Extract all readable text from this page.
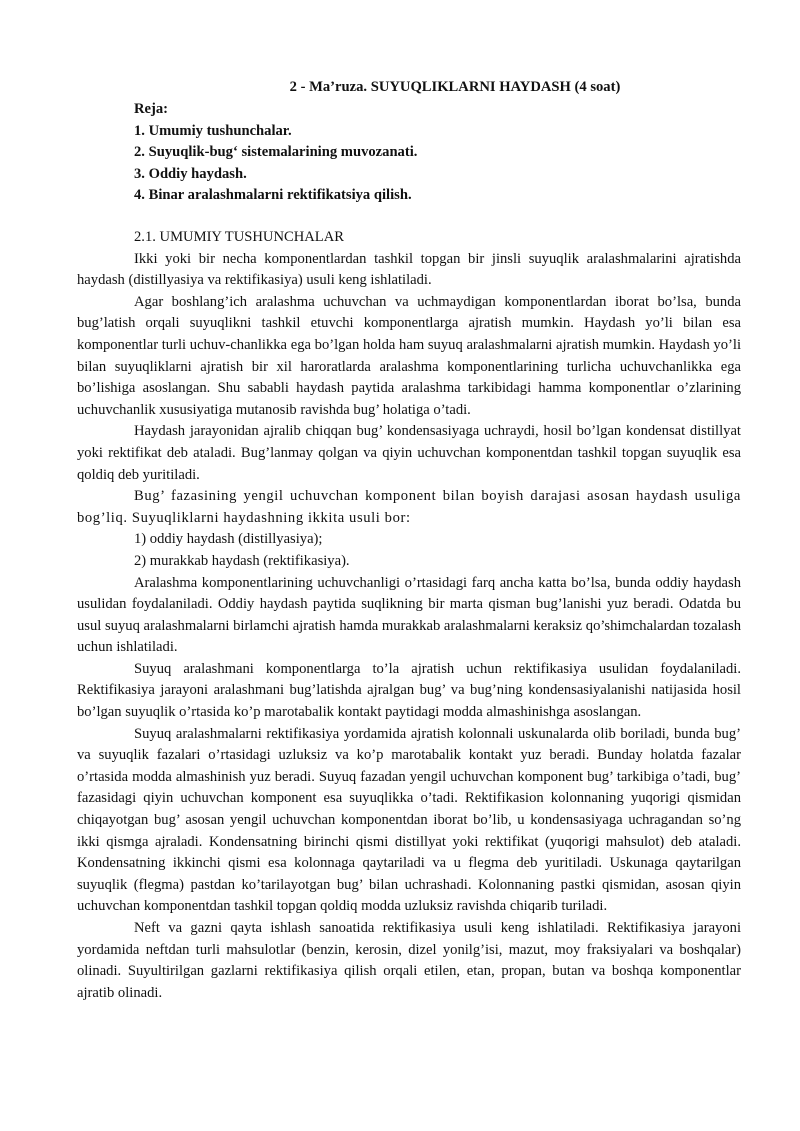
2 - Ma’ruza. SUYUQLIKLARNI HAYDASH (4 soat)
Reja:
1. Umumiy tushunchalar.
2. Suyuqlik-bug‘ sistemalarining muvozanati.
3. Oddiy haydash.
4. Binar aralashmalarni rektifikatsiya qilish.
2.1. UMUMIY TUSHUNCHALAR

Ikki yoki bir necha komponentlardan tashkil topgan bir jinsli suyuqlik aralashmalarini ajratishda haydash (distillyasiya va rektifikasiya) usuli keng ishlatiladi.

Agar boshlang’ich aralashma uchuvchan va uchmaydigan komponentlardan iborat bo’lsa, bunda bug’latish orqali suyuqlikni tashkil etuvchi komponentlarga ajratish mumkin. Haydash yo’li bilan esa komponentlar turli uchuv-chanlikka ega bo’lgan holda ham suyuq aralashmalarni ajratish mumkin. Haydash yo’li bilan suyuqliklarni ajratish bir xil haroratlarda aralashma komponentlarining turlicha uchuvchanlikka ega bo’lishiga asoslangan. Shu sababli haydash paytida aralashma tarkibidagi hamma komponentlar o’zlarining uchuvchanlik xususiyatiga mutanosib ravishda bug’ holatiga o’tadi.

Haydash jarayonidan ajralib chiqqan bug’ kondensasiyaga uchraydi, hosil bo’lgan kondensat distillyat yoki rektifikat deb ataladi. Bug’lanmay qolgan va qiyin uchuvchan komponentdan tashkil topgan suyuqlik esa qoldiq deb yuritiladi.

Bug’ fazasining yengil uchuvchan komponent bilan boyish darajasi asosan haydash usuliga bog’liq. Suyuqliklarni haydashning ikkita usuli bor:

1) oddiy haydash (distillyasiya);
2) murakkab haydash (rektifikasiya).

Aralashma komponentlarining uchuvchanligi o’rtasidagi farq ancha katta bo’lsa, bunda oddiy haydash usulidan foydalaniladi. Oddiy haydash paytida suqlikning bir marta qisman bug’lanishi yuz beradi. Odatda bu usul suyuq aralashmalarni birlamchi ajratish hamda murakkab aralashmalarni keraksiz qo’shimchalardan tozalash uchun ishlatiladi.

Suyuq aralashmani komponentlarga to’la ajratish uchun rektifikasiya usulidan foydalaniladi. Rektifikasiya jarayoni aralashmani bug’latishda ajralgan bug’ va bug’ning kondensasiyalanishi natijasida hosil bo’lgan suyuqlik o’rtasida ko’p marotabalik kontakt paytidagi modda almashinishga asoslangan.

Suyuq aralashmalarni rektifikasiya yordamida ajratish kolonnali uskunalarda olib boriladi, bunda bug’ va suyuqlik fazalari o’rtasidagi uzluksiz va ko’p marotabalik kontakt yuz beradi. Bunday holatda fazalar o’rtasida modda almashinish yuz beradi. Suyuq fazadan yengil uchuvchan komponent bug’ tarkibiga o’tadi, bug’ fazasidagi qiyin uchuvchan komponent esa suyuqlikka o’tadi. Rektifikasion kolonnaning yuqorigi qismidan chiqayotgan bug’ asosan yengil uchuvchan komponentdan iborat bo’lib, u kondensasiyaga uchragandan so’ng ikki qismga ajraladi. Kondensatning birinchi qismi distillyat yoki rektifikat (yuqorigi mahsulot) deb ataladi. Kondensatning ikkinchi qismi esa kolonnaga qaytariladi va u flegma deb yuritiladi. Uskunaga qaytarilgan suyuqlik (flegma) pastdan ko’tarilayotgan bug’ bilan uchrashadi. Kolonnaning pastki qismidan, asosan qiyin uchuvchan komponentdan tashkil topgan qoldiq modda uzluksiz ravishda chiqarib turiladi.

Neft va gazni qayta ishlash sanoatida rektifikasiya usuli keng ishlatiladi. Rektifikasiya jarayoni yordamida neftdan turli mahsulotlar (benzin, kerosin, dizel yonilg’isi, mazut, moy fraksiyalari va boshqalar) olinadi. Suyultirilgan gazlarni rektifikasiya qilish orqali etilen, etan, propan, butan va boshqa komponentlar ajratib olinadi.
